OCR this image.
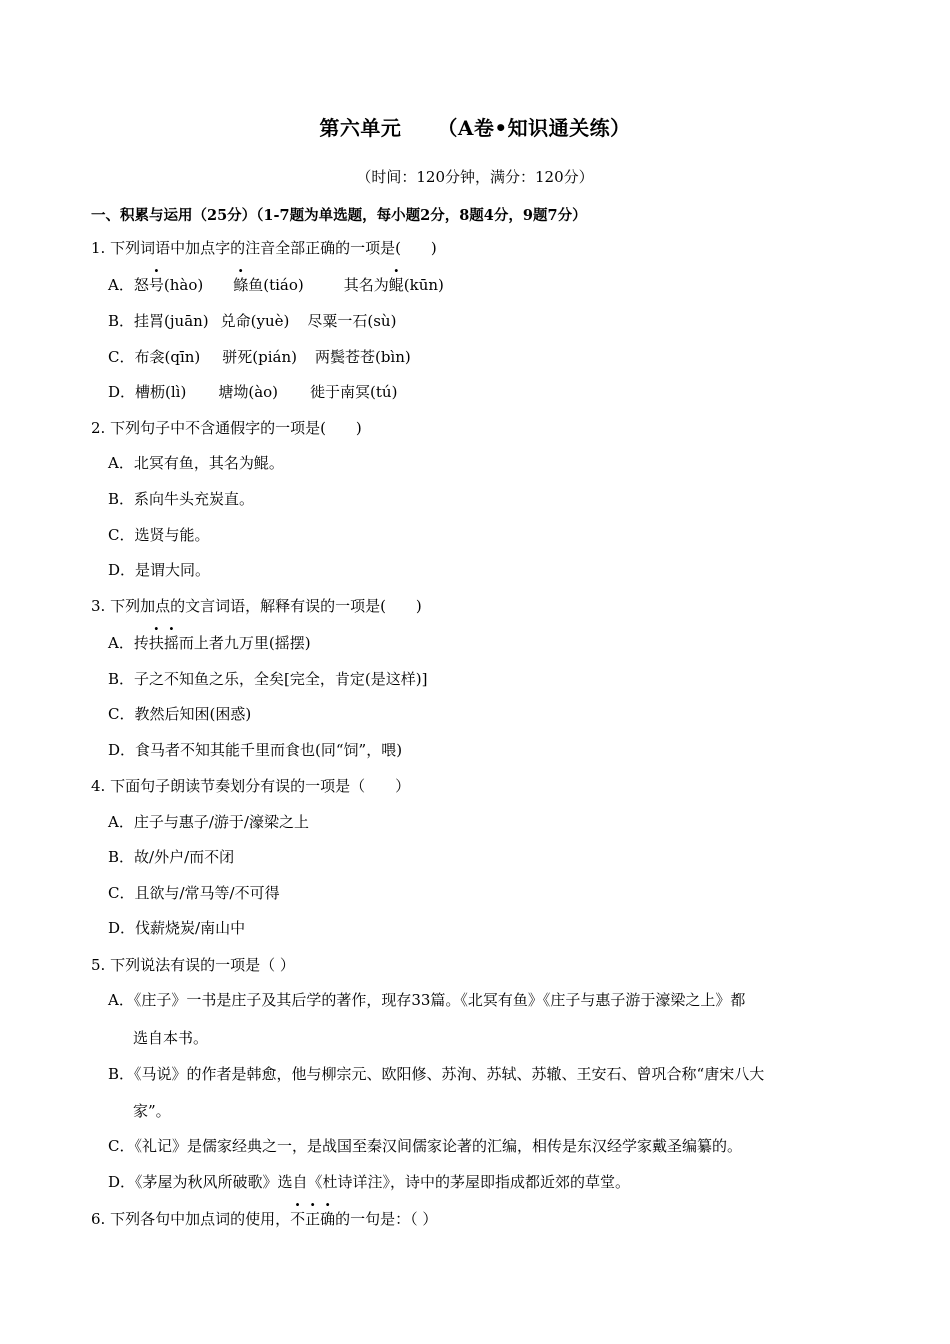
第六单元 （A卷•知识通关练）
（时间：120分钟，满分：120分）
一、积累与运用（25分）（1-7题为单选题，每小题2分，8题4分，9题7分）
1. 下列词语中加点字的注音全部正确的一项是(　　)
A．怒号(hào) 鲦鱼(tiáo)	其名为鲲(kūn)
B．挂罥(juān) 兑命(yuè) 尽粟一石(sù)
C．布衾(qīn) 骈死(pián) 两鬓苍苍(bìn)
D．槽枥(lì) 塘坳(ào) 徙于南冥(tú)
2. 下列句子中不含通假字的一项是(　　)
A．北冥有鱼，其名为鲲。
B．系向牛头充炭直。
C．选贤与能。
D．是谓大同。
3. 下列加点的文言词语，解释有误的一项是(　　)
A．抟扶摇而上者九万里(摇摆)
B．子之不知鱼之乐，全矣[完全，肯定(是这样)]
C．教然后知困(困惑)
D．食马者不知其能千里而食也(同“饲”，喂)
4. 下面句子朗读节奏划分有误的一项是（　　）
A．庄子与惠子/游于/濠梁之上
B．故/外户/而不闭
C．且欲与/常马等/不可得
D．伐薪烧炭/南山中
5. 下列说法有误的一项是（ ）
A．《庄子》一书是庄子及其后学的著作，现存33篇。《北冥有鱼》《庄子与惠子游于濠梁之上》都
选自本书。
B．《马说》的作者是韩愈，他与柳宗元、欧阳修、苏洵、苏轼、苏辙、王安石、曾巩合称“唐宋八大
家”。
C．《礼记》是儒家经典之一，是战国至秦汉间儒家论著的汇编，相传是东汉经学家戴圣编纂的。
D．《茅屋为秋风所破歌》选自《杜诗详注》，诗中的茅屋即指成都近郊的草堂。
6. 下列各句中加点词的使用，不正确的一句是：（ ）
